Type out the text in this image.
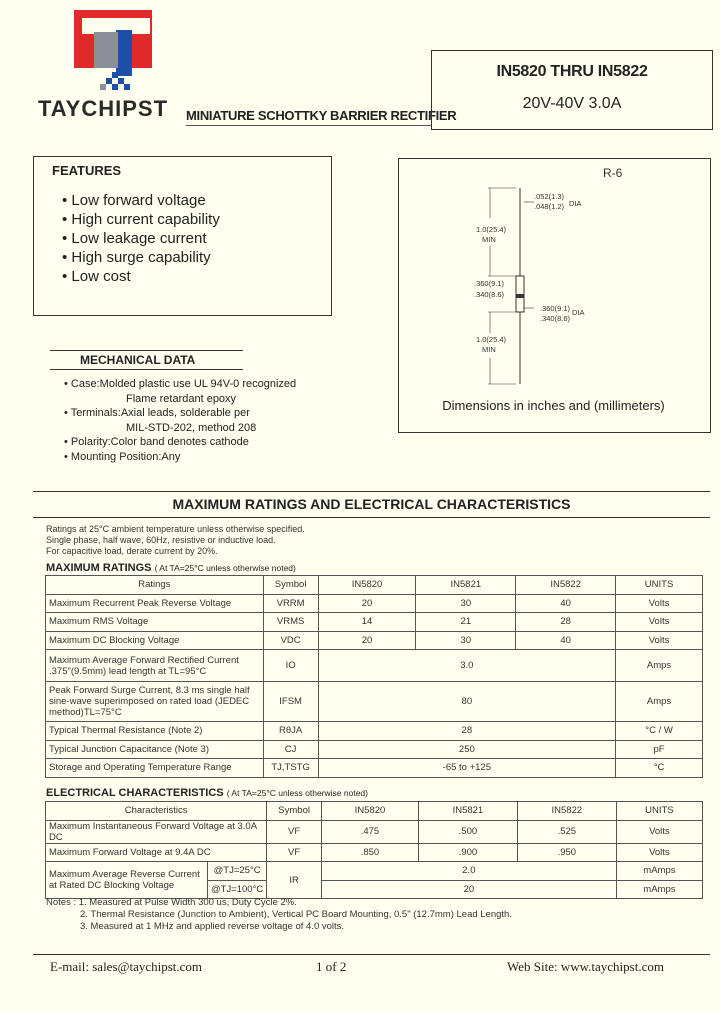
TAYCHIPST MINIATURE SCHOTTKY BARRIER RECTIFIER
IN5820 THRU IN5822
20V-40V 3.0A
FEATURES
• Low forward voltage
• High current capability
• Low leakage current
• High surge capability
• Low cost
MECHANICAL DATA
• Case:Molded plastic use UL 94V-0 recognized
Flame retardant epoxy
• Terminals:Axial leads, solderable per
MIL-STD-202, method 208
• Polarity:Color band denotes cathode
• Mounting Position:Any
R-6
1.0(25.4)
MIN
.360(9.1)
.340(8.6)
1.0(25.4)
MIN
.052(1.3)
.048(1.2) DIA
.360(9.1) DIA
.340(8.6)
Dimensions in inches and (millimeters)
MAXIMUM RATINGS AND ELECTRICAL CHARACTERISTICS
Ratings at 25°C ambient temperature unless otherwise specified.
Single phase, half wave, 60Hz, resistive or inductive load.
For capacitive load, derate current by 20%.
MAXIMUM RATINGS ( At TA=25°C unless otherwise noted)
Ratings	Symbol	IN5820	IN5821	IN5822	UNITS
Maximum Recurrent Peak Reverse Voltage	VRRM	20	30	40	Volts
Maximum RMS Voltage	VRMS	14	21	28	Volts
Maximum DC Blocking Voltage	VDC	20	30	40	Volts
Maximum Average Forward Rectified Current .375"(9.5mm) lead length at TL=95°C	IO	3.0			Amps
Peak Forward Surge Current, 8.3 ms single half sine-wave superimposed on rated load (JEDEC method)TL=75°C	IFSM	80			Amps
Typical Thermal Resistance (Note 2)	RθJA	28			°C / W
Typical Junction Capacitance (Note 3)	CJ	250			pF
Storage and Operating Temperature Range	TJ,TSTG	-65 to +125			°C
ELECTRICAL CHARACTERISTICS ( At TA=25°C unless otherwise noted)
Characteristics		Symbol	IN5820	IN5821	IN5822	UNITS
Maximum Instantaneous Forward Voltage at 3.0A DC		VF	.475	.500	.525	Volts
Maximum Forward Voltage at 9.4A DC		VF	.850	.900	.950	Volts
Maximum Average Reverse Current at Rated DC Blocking Voltage	@TJ=25°C	IR	2.0			mAmps
	@TJ=100°C		20			mAmps
Notes : 1. Measured at Pulse Width 300 us, Duty Cycle 2%.
2. Thermal Resistance (Junction to Ambient), Vertical PC Board Mounting, 0.5" (12.7mm) Lead Length.
3. Measured at 1 MHz and applied reverse voltage of 4.0 volts.
E-mail: sales@taychipst.com	1 of 2	Web Site: www.taychipst.com
